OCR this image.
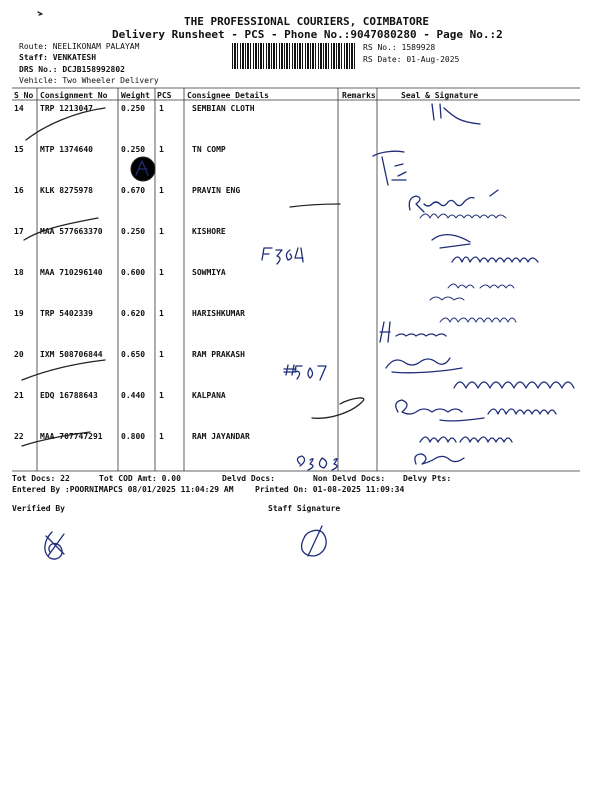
THE PROFESSIONAL COURIERS, COIMBATORE
Delivery Runsheet - PCS - Phone No.:9047080280 - Page No.:2
Route: NEELIKONAM PALAYAM
Staff: VENKATESH
DRS No.: DCJB158992802
Vehicle: Two Wheeler Delivery
RS No.: 1589928
RS Date: 01-Aug-2025
S No Consignment No Weight PCS Consignee Details	Remarks	Seal & Signature
14 TRP 1213047	0.250 1	SEMBIAN CLOTH
15 MTP 1374640	0.250 1	TN COMP
16 KLK 8275978	0.670 1	PRAVIN ENG
17 MAA 577663370 0.250 1	KISHORE
18 MAA 710296140 0.600 1	SOWMIYA
19 TRP 5402339	0.620 1	HARISHKUMAR
20 IXM 508706844 0.650 1	RAM PRAKASH
21 EDQ 16788643	0.440 1	KALPANA
22 MAA 707747291 0.800 1	RAM JAYANDAR
Tot Docs: 22	Tot COD Amt: 0.00	Delvd Docs:	Non Delvd Docs: Delvy Pts:
Entered By :POORNIMAPCS 08/01/2025 11:04:29 AM	Printed On: 01-08-2025 11:09:34
Verified By	Staff Signature
